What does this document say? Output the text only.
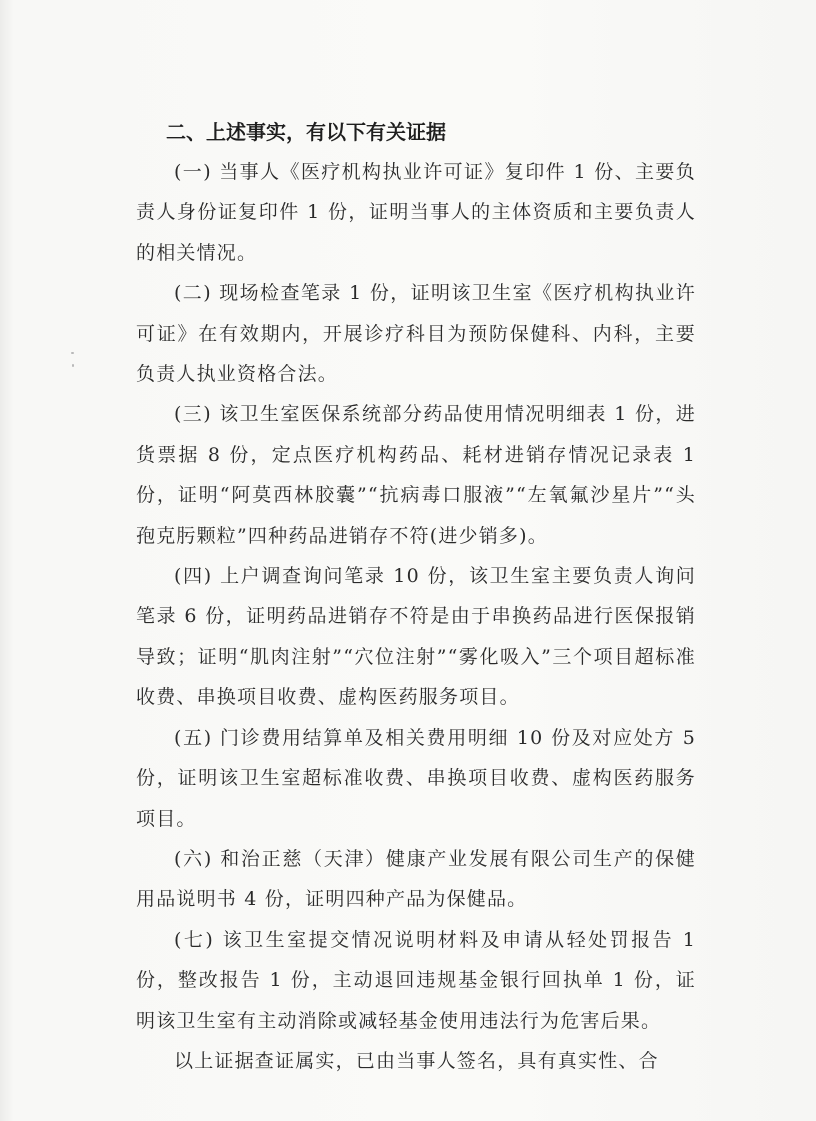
二、上述事实，有以下有关证据

(一) 当事人《医疗机构执业许可证》复印件 1 份、主要负责人身份证复印件 1 份，证明当事人的主体资质和主要负责人的相关情况。

(二) 现场检查笔录 1 份，证明该卫生室《医疗机构执业许可证》在有效期内，开展诊疗科目为预防保健科、内科，主要负责人执业资格合法。

(三) 该卫生室医保系统部分药品使用情况明细表 1 份，进货票据 8 份，定点医疗机构药品、耗材进销存情况记录表 1 份，证明“阿莫西林胶囊”“抗病毒口服液”“左氧氟沙星片”“头孢克肟颗粒”四种药品进销存不符(进少销多)。

(四) 上户调查询问笔录 10 份，该卫生室主要负责人询问笔录 6 份，证明药品进销存不符是由于串换药品进行医保报销导致；证明“肌肉注射”“穴位注射”“雾化吸入”三个项目超标准收费、串换项目收费、虚构医药服务项目。

(五) 门诊费用结算单及相关费用明细 10 份及对应处方 5 份，证明该卫生室超标准收费、串换项目收费、虚构医药服务项目。

(六) 和治正慈（天津）健康产业发展有限公司生产的保健用品说明书 4 份，证明四种产品为保健品。

(七) 该卫生室提交情况说明材料及申请从轻处罚报告 1 份，整改报告 1 份，主动退回违规基金银行回执单 1 份，证明该卫生室有主动消除或减轻基金使用违法行为危害后果。

以上证据查证属实，已由当事人签名，具有真实性、合
